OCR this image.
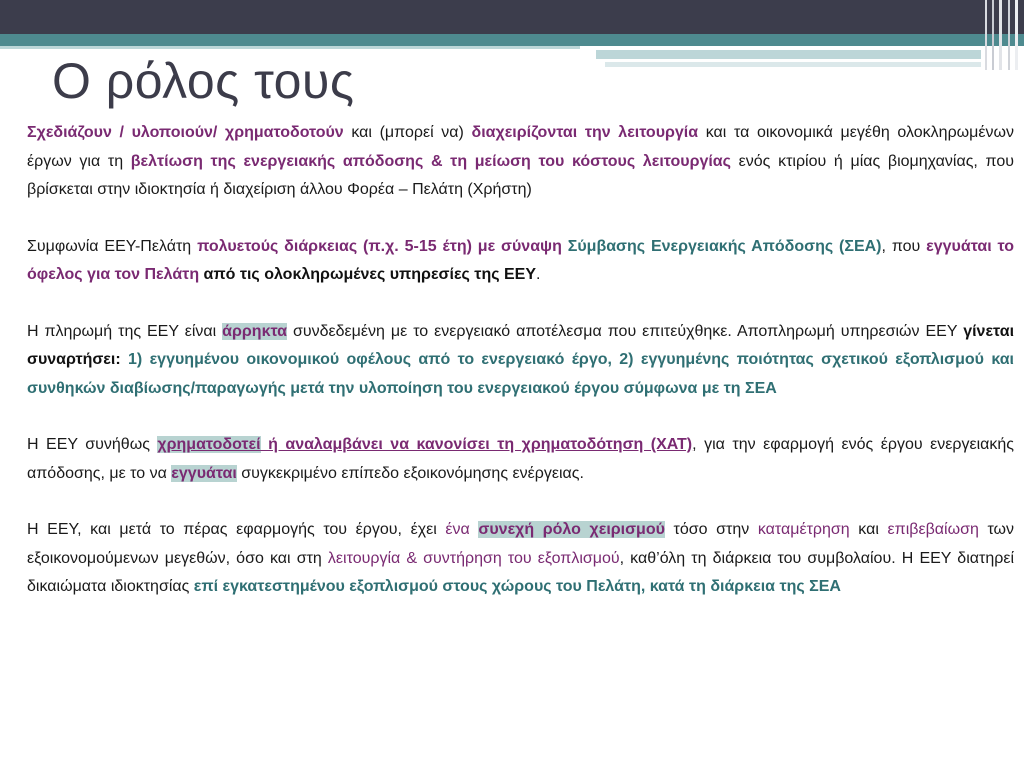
Ο ρόλος τους

Σχεδιάζουν / υλοποιούν/ χρηματοδοτούν και (μπορεί να) διαχειρίζονται την λειτουργία και τα οικονομικά μεγέθη ολοκληρωμένων έργων για τη βελτίωση της ενεργειακής απόδοσης & τη μείωση του κόστους λειτουργίας ενός κτιρίου ή μίας βιομηχανίας, που βρίσκεται στην ιδιοκτησία ή διαχείριση άλλου Φορέα – Πελάτη (Χρήστη)

Συμφωνία ΕΕΥ-Πελάτη πολυετούς διάρκειας (π.χ. 5-15 έτη) με σύναψη Σύμβασης Ενεργειακής Απόδοσης (ΣΕΑ), που εγγυάται το όφελος για τον Πελάτη από τις ολοκληρωμένες υπηρεσίες της ΕΕΥ.

Η πληρωμή της ΕΕΥ είναι άρρηκτα συνδεδεμένη με το ενεργειακό αποτέλεσμα που επιτεύχθηκε. Αποπληρωμή υπηρεσιών ΕΕΥ γίνεται συναρτήσει: 1) εγγυημένου οικονομικού οφέλους από το ενεργειακό έργο, 2) εγγυημένης ποιότητας σχετικού εξοπλισμού και συνθηκών διαβίωσης/παραγωγής μετά την υλοποίηση του ενεργειακού έργου σύμφωνα με τη ΣΕΑ

Η ΕΕΥ συνήθως χρηματοδοτεί ή αναλαμβάνει να κανονίσει τη χρηματοδότηση (ΧΑΤ), για την εφαρμογή ενός έργου ενεργειακής απόδοσης, με το να εγγυάται συγκεκριμένο επίπεδο εξοικονόμησης ενέργειας.

Η ΕΕΥ, και μετά το πέρας εφαρμογής του έργου, έχει ένα συνεχή ρόλο χειρισμού τόσο στην καταμέτρηση και επιβεβαίωση των εξοικονομούμενων μεγεθών, όσο και στη λειτουργία & συντήρηση του εξοπλισμού, καθ’όλη τη διάρκεια του συμβολαίου. Η ΕΕΥ διατηρεί δικαιώματα ιδιοκτησίας επί εγκατεστημένου εξοπλισμού στους χώρους του Πελάτη, κατά τη διάρκεια της ΣΕΑ
